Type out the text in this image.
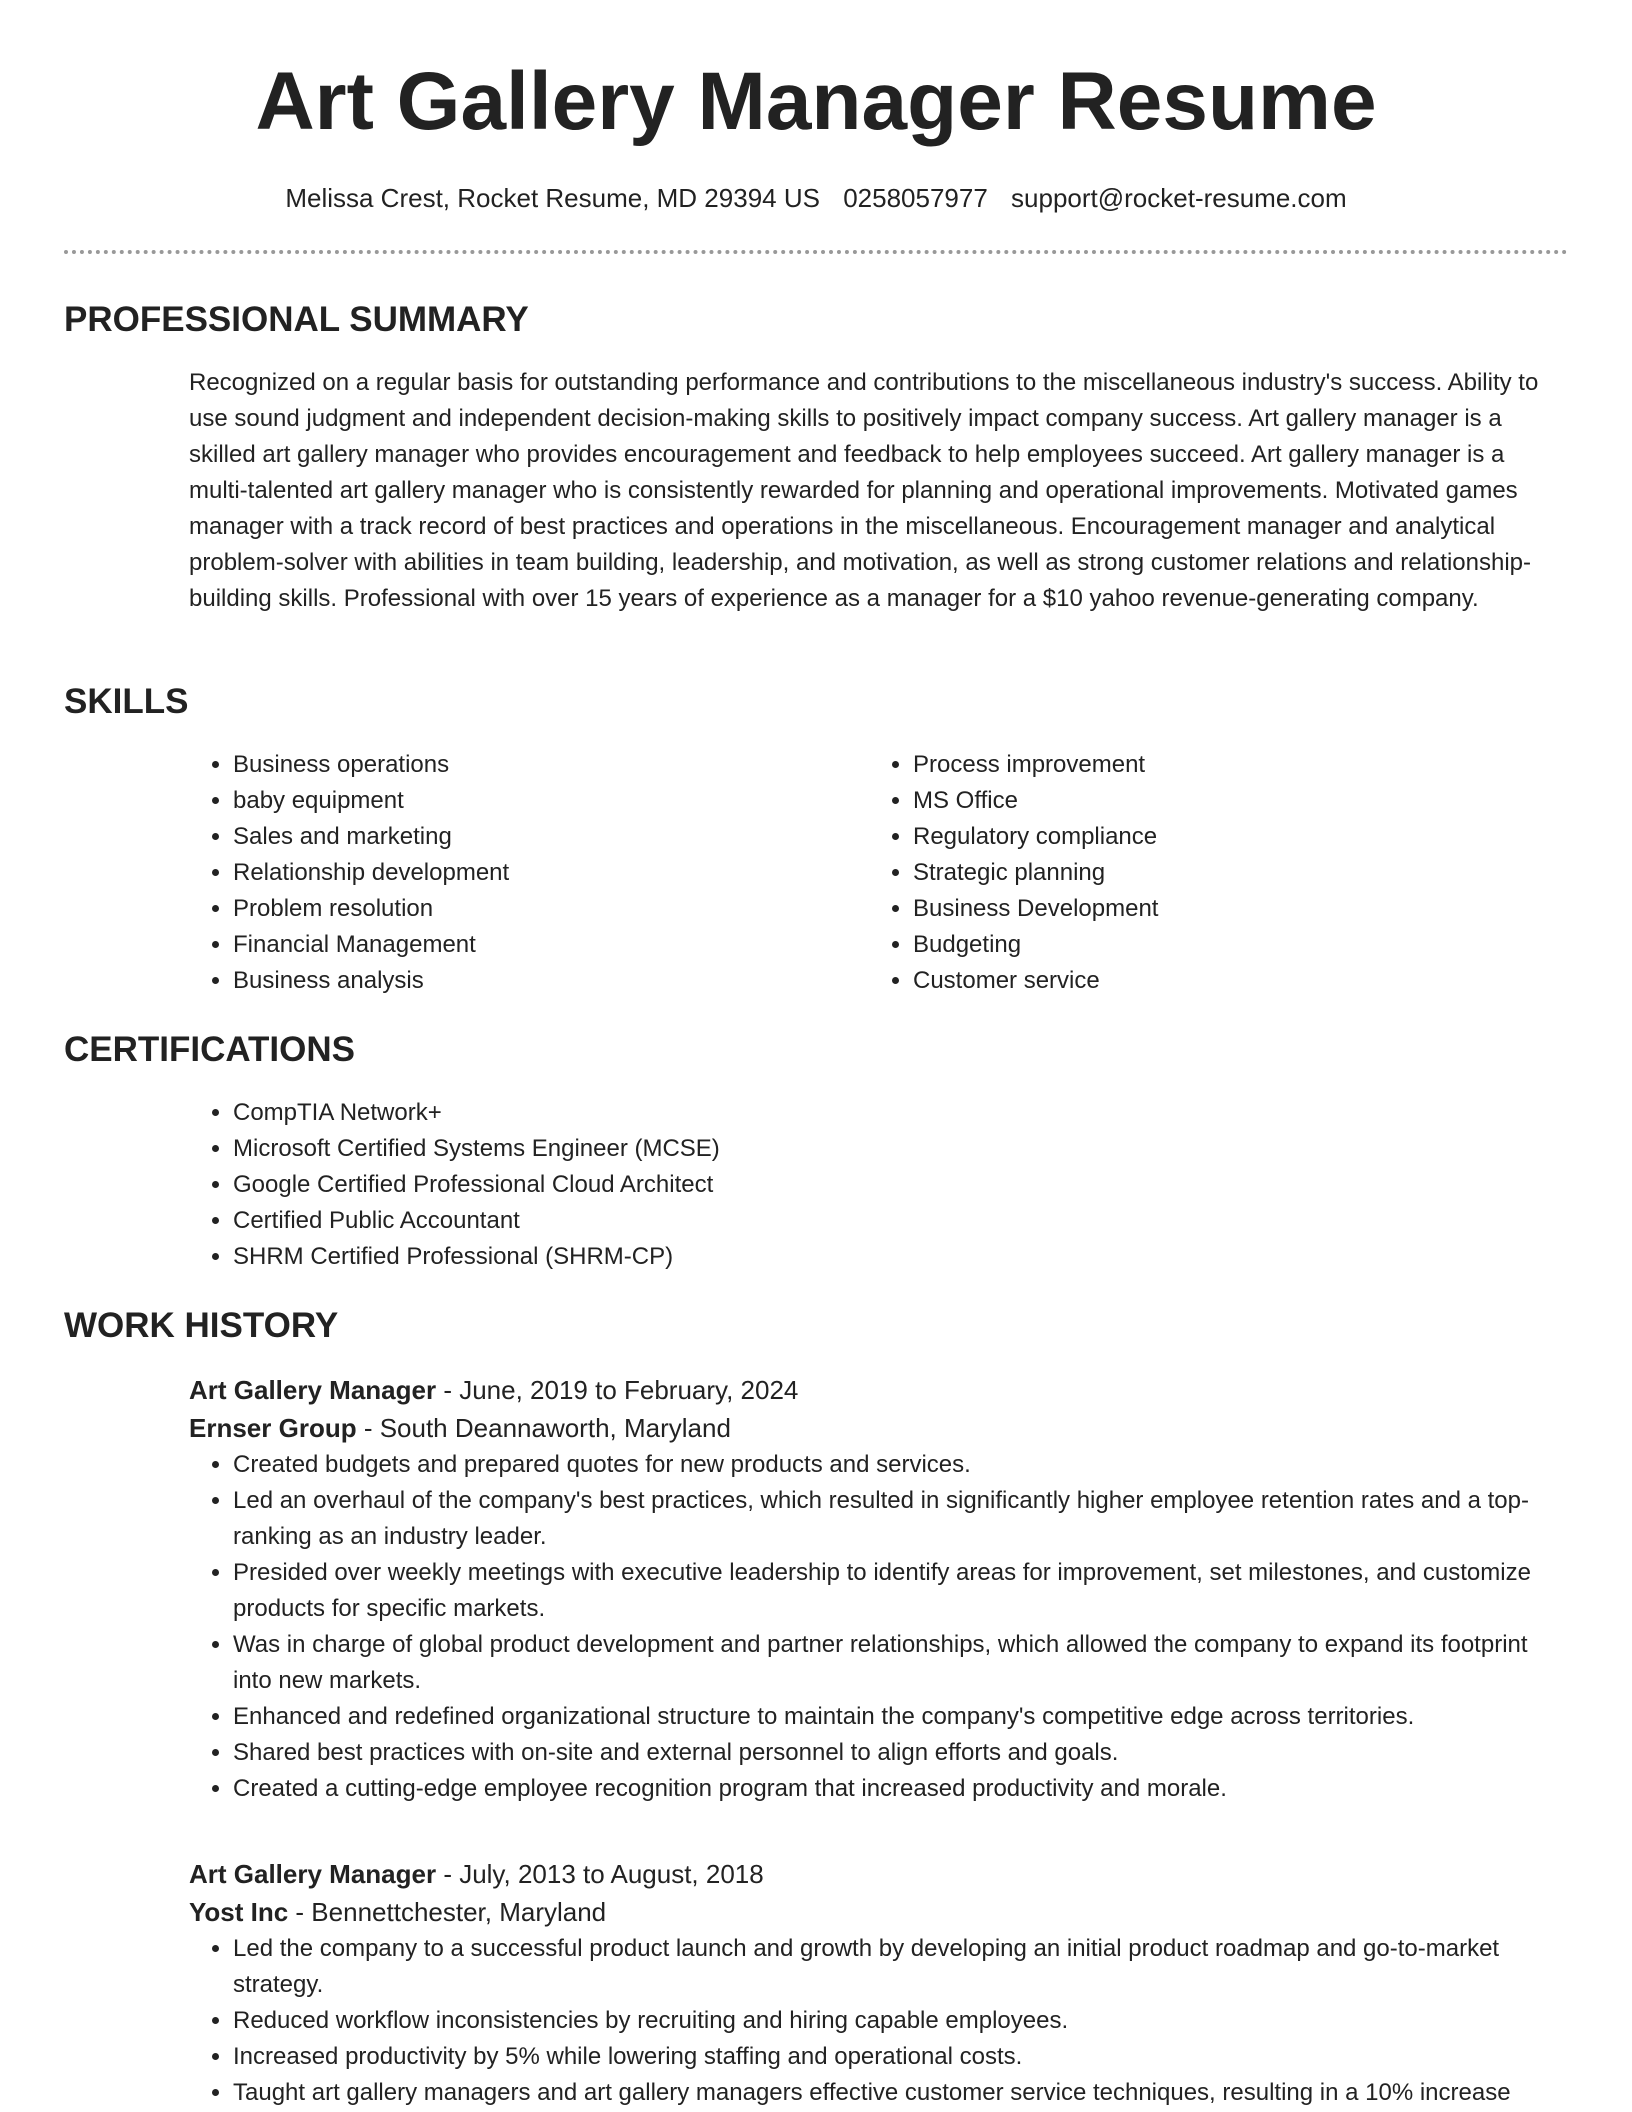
Art Gallery Manager Resume
Melissa Crest, Rocket Resume, MD 29394 US 0258057977 support@rocket-resume.com
PROFESSIONAL SUMMARY

Recognized on a regular basis for outstanding performance and contributions to the miscellaneous industry's success. Ability to use sound judgment and independent decision-making skills to positively impact company success. Art gallery manager is a skilled art gallery manager who provides encouragement and feedback to help employees succeed. Art gallery manager is a multi-talented art gallery manager who is consistently rewarded for planning and operational improvements. Motivated games manager with a track record of best practices and operations in the miscellaneous. Encouragement manager and analytical problem-solver with abilities in team building, leadership, and motivation, as well as strong customer relations and relationship-building skills. Professional with over 15 years of experience as a manager for a $10 yahoo revenue-generating company.

SKILLS
• Business operations
• baby equipment
• Sales and marketing
• Relationship development
• Problem resolution
• Financial Management
• Business analysis
• Process improvement
• MS Office
• Regulatory compliance
• Strategic planning
• Business Development
• Budgeting
• Customer service
CERTIFICATIONS
• CompTIA Network+
• Microsoft Certified Systems Engineer (MCSE)
• Google Certified Professional Cloud Architect
• Certified Public Accountant
• SHRM Certified Professional (SHRM-CP)
WORK HISTORY

Art Gallery Manager - June, 2019 to February, 2024

Ernser Group - South Deannaworth, Maryland

• Created budgets and prepared quotes for new products and services.
• Led an overhaul of the company's best practices, which resulted in significantly higher employee retention rates and a top-ranking as an industry leader.
• Presided over weekly meetings with executive leadership to identify areas for improvement, set milestones, and customize products for specific markets.
• Was in charge of global product development and partner relationships, which allowed the company to expand its footprint into new markets.
• Enhanced and redefined organizational structure to maintain the company's competitive edge across territories.
• Shared best practices with on-site and external personnel to align efforts and goals.
• Created a cutting-edge employee recognition program that increased productivity and morale.

Art Gallery Manager - July, 2013 to August, 2018

Yost Inc - Bennettchester, Maryland

• Led the company to a successful product launch and growth by developing an initial product roadmap and go-to-market strategy.
• Reduced workflow inconsistencies by recruiting and hiring capable employees.
• Increased productivity by 5% while lowering staffing and operational costs.
• Taught art gallery managers and art gallery managers effective customer service techniques, resulting in a 10% increase
